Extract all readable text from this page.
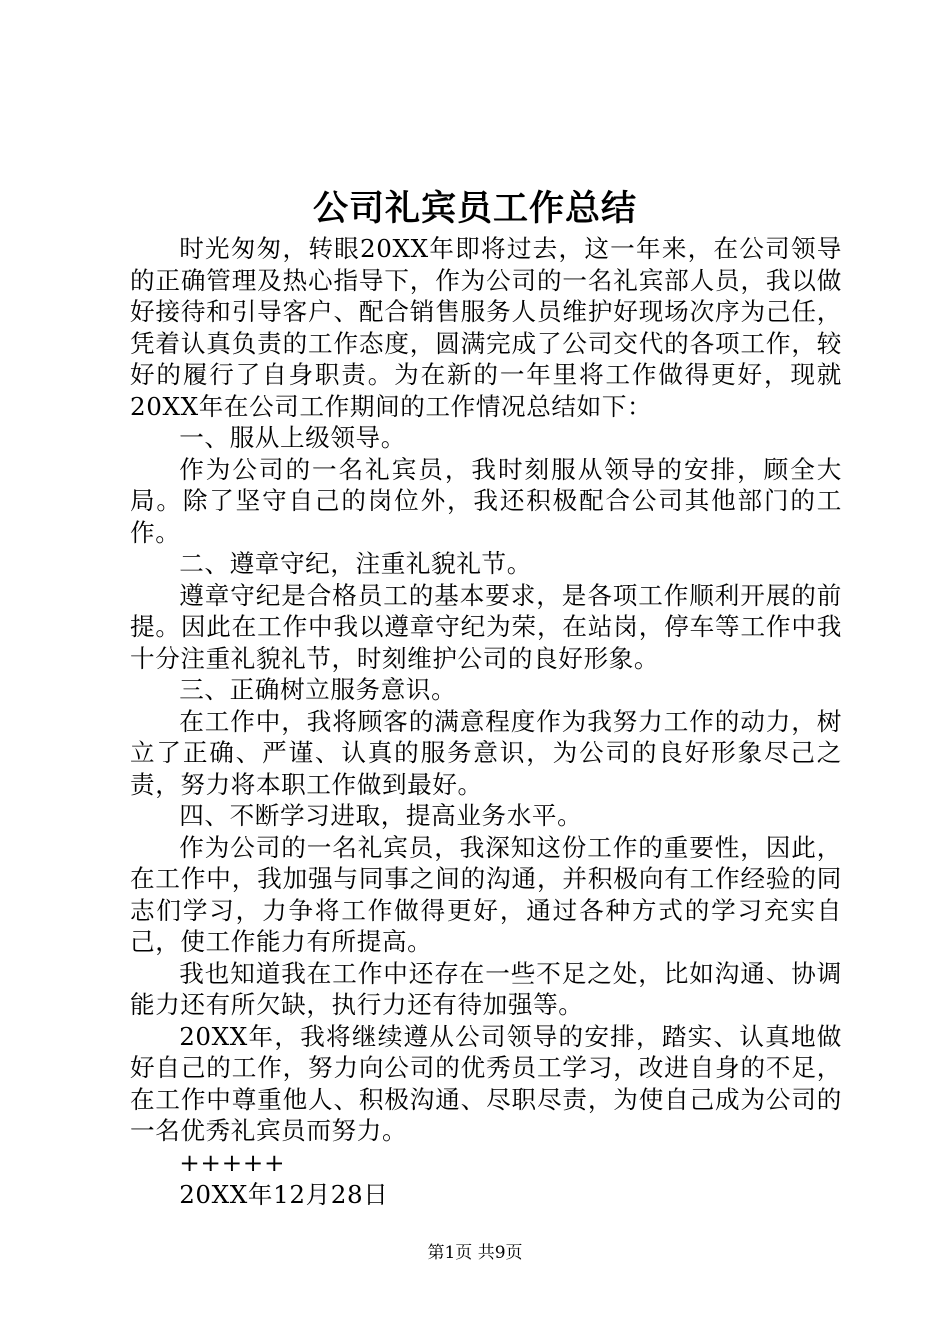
公司礼宾员工作总结

时光匆匆，转眼20XX年即将过去，这一年来，在公司领导的正确管理及热心指导下，作为公司的一名礼宾部人员，我以做好接待和引导客户、配合销售服务人员维护好现场次序为己任，凭着认真负责的工作态度，圆满完成了公司交代的各项工作，较好的履行了自身职责。为在新的一年里将工作做得更好，现就20XX年在公司工作期间的工作情况总结如下：

一、服从上级领导。

作为公司的一名礼宾员，我时刻服从领导的安排，顾全大局。除了坚守自己的岗位外，我还积极配合公司其他部门的工作。

二、遵章守纪，注重礼貌礼节。

遵章守纪是合格员工的基本要求，是各项工作顺利开展的前提。因此在工作中我以遵章守纪为荣，在站岗，停车等工作中我十分注重礼貌礼节，时刻维护公司的良好形象。

三、正确树立服务意识。

在工作中，我将顾客的满意程度作为我努力工作的动力，树立了正确、严谨、认真的服务意识，为公司的良好形象尽己之责，努力将本职工作做到最好。

四、不断学习进取，提高业务水平。

作为公司的一名礼宾员，我深知这份工作的重要性，因此，在工作中，我加强与同事之间的沟通，并积极向有工作经验的同志们学习，力争将工作做得更好，通过各种方式的学习充实自己，使工作能力有所提高。

我也知道我在工作中还存在一些不足之处，比如沟通、协调能力还有所欠缺，执行力还有待加强等。

20XX年，我将继续遵从公司领导的安排，踏实、认真地做好自己的工作，努力向公司的优秀员工学习，改进自身的不足，在工作中尊重他人、积极沟通、尽职尽责，为使自己成为公司的一名优秀礼宾员而努力。

+++++

20XX年12月28日

第1页 共9页
